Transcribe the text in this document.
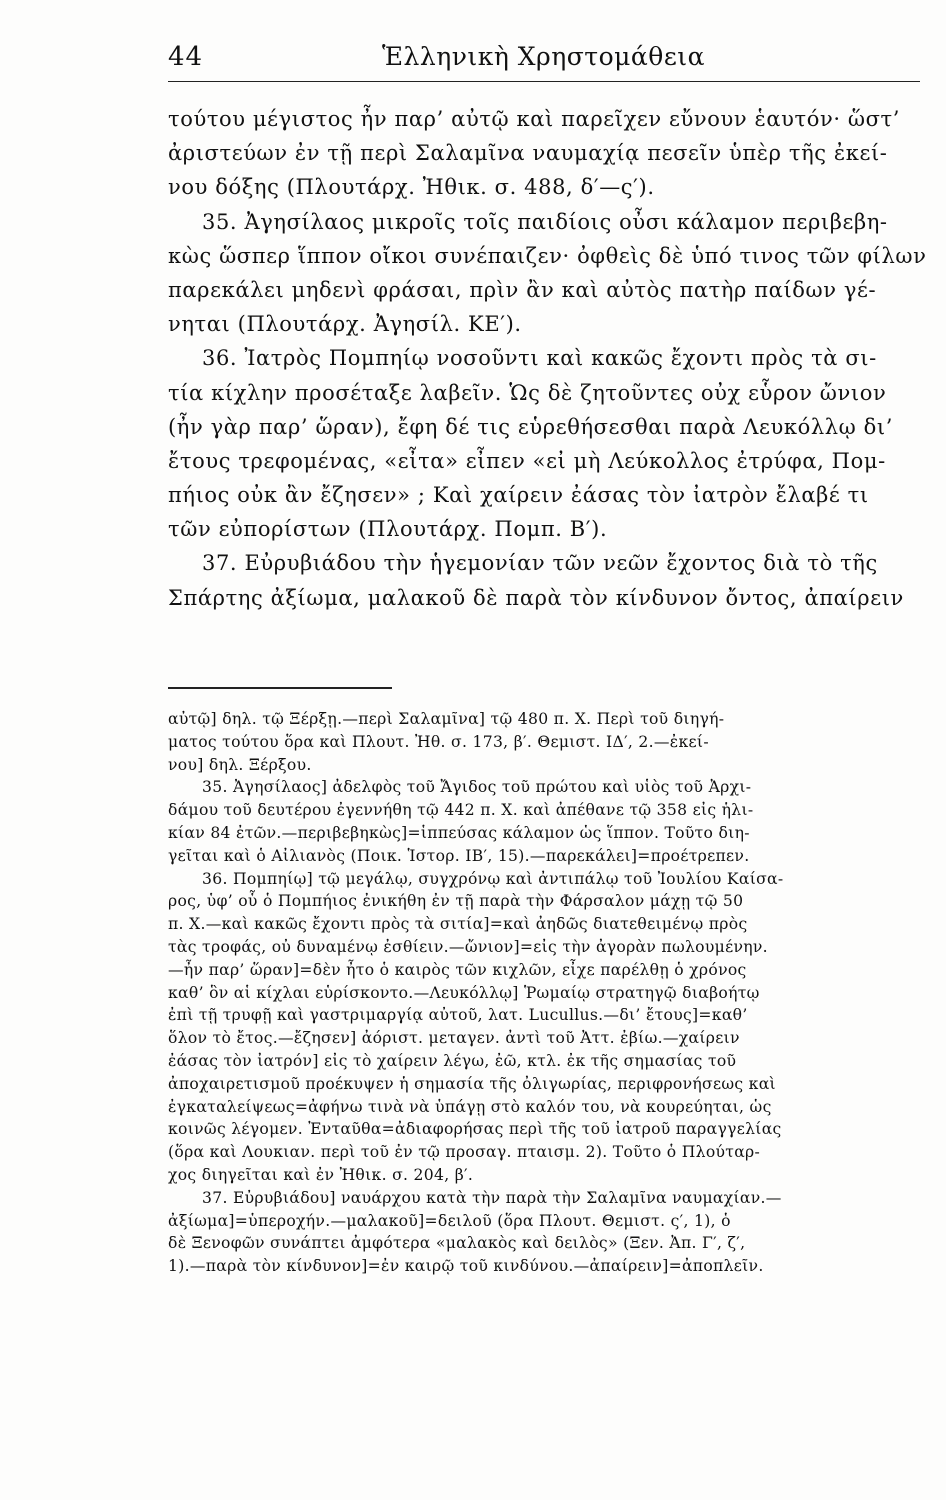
44	Ἑλληνικὴ Χρηστομάθεια
τούτου μέγιστος ἦν παρ’ αὐτῷ καὶ παρεῖχεν εὔνουν ἑαυτόν· ὥστ’
ἀριστεύων ἐν τῇ περὶ Σαλαμῖνα ναυμαχίᾳ πεσεῖν ὑπὲρ τῆς ἐκεί-
νου δόξης (Πλουτάρχ. Ἠθικ. σ. 488, δ′—ς′).
35. Ἀγησίλαος μικροῖς τοῖς παιδίοις οὖσι κάλαμον περιβεβη-
κὼς ὥσπερ ἵππον οἴκοι συνέπαιζεν· ὀφθεὶς δὲ ὑπό τινος τῶν φίλων
παρεκάλει μηδενὶ φράσαι, πρὶν ἂν καὶ αὐτὸς πατὴρ παίδων γέ-
νηται (Πλουτάρχ. Ἀγησίλ. ΚΕ′).
36. Ἰατρὸς Πομπηίῳ νοσοῦντι καὶ κακῶς ἔχοντι πρὸς τὰ σι-
τία κίχλην προσέταξε λαβεῖν. Ὡς δὲ ζητοῦντες οὐχ εὗρον ὤνιον
(ἦν γὰρ παρ’ ὥραν), ἔφη δέ τις εὑρεθήσεσθαι παρὰ Λευκόλλῳ δι’
ἔτους τρεφομένας, «εἶτα» εἶπεν «εἰ μὴ Λεύκολλος ἐτρύφα, Πομ-
πήιος οὐκ ἂν ἔζησεν» ; Καὶ χαίρειν ἐάσας τὸν ἰατρὸν ἔλαβέ τι
τῶν εὐπορίστων (Πλουτάρχ. Πομπ. Β′).
37. Εὐρυβιάδου τὴν ἡγεμονίαν τῶν νεῶν ἔχοντος διὰ τὸ τῆς
Σπάρτης ἀξίωμα, μαλακοῦ δὲ παρὰ τὸν κίνδυνον ὄντος, ἀπαίρειν
αὐτῷ] δηλ. τῷ Ξέρξῃ.—περὶ Σαλαμῖνα] τῷ 480 π. Χ. Περὶ τοῦ διηγή-
ματος τούτου ὅρα καὶ Πλουτ. Ἠθ. σ. 173, β′. Θεμιστ. ΙΔ′, 2.—ἐκεί-
νου] δηλ. Ξέρξου.
35. Ἀγησίλαος] ἀδελφὸς τοῦ Ἄγιδος τοῦ πρώτου καὶ υἱὸς τοῦ Ἀρχι-
δάμου τοῦ δευτέρου ἐγεννήθη τῷ 442 π. Χ. καὶ ἀπέθανε τῷ 358 εἰς ἡλι-
κίαν 84 ἐτῶν.—περιβεβηκὼς]=ἱππεύσας κάλαμον ὡς ἵππον. Τοῦτο διη-
γεῖται καὶ ὁ Αἰλιανὸς (Ποικ. Ἱστορ. ΙΒ′, 15).—παρεκάλει]=προέτρεπεν.
36. Πομπηίῳ] τῷ μεγάλῳ, συγχρόνῳ καὶ ἀντιπάλῳ τοῦ Ἰουλίου Καίσα-
ρος, ὑφ’ οὗ ὁ Πομπήιος ἐνικήθη ἐν τῇ παρὰ τὴν Φάρσαλον μάχῃ τῷ 50
π. Χ.—καὶ κακῶς ἔχοντι πρὸς τὰ σιτία]=καὶ ἀηδῶς διατεθειμένῳ πρὸς
τὰς τροφάς, οὐ δυναμένῳ ἐσθίειν.—ὤνιον]=εἰς τὴν ἀγορὰν πωλουμένην.
—ἦν παρ’ ὥραν]=δὲν ἦτο ὁ καιρὸς τῶν κιχλῶν, εἶχε παρέλθῃ ὁ χρόνος
καθ’ ὃν αἱ κίχλαι εὑρίσκοντο.—Λευκόλλῳ] Ῥωμαίῳ στρατηγῷ διαβοήτῳ
ἐπὶ τῇ τρυφῇ καὶ γαστριμαργίᾳ αὐτοῦ, λατ. Lucullus.—δι’ ἔτους]=καθ’
ὅλον τὸ ἔτος.—ἔζησεν] ἀόριστ. μεταγεν. ἀντὶ τοῦ Ἀττ. ἐβίω.—χαίρειν
ἐάσας τὸν ἰατρόν] εἰς τὸ χαίρειν λέγω, ἐῶ, κτλ. ἐκ τῆς σημασίας τοῦ
ἀποχαιρετισμοῦ προέκυψεν ἡ σημασία τῆς ὀλιγωρίας, περιφρονήσεως καὶ
ἐγκαταλείψεως=ἀφήνω τινὰ νὰ ὑπάγῃ στὸ καλόν του, νὰ κουρεύηται, ὡς
κοινῶς λέγομεν. Ἐνταῦθα=ἀδιαφορήσας περὶ τῆς τοῦ ἰατροῦ παραγγελίας
(ὅρα καὶ Λουκιαν. περὶ τοῦ ἐν τῷ προσαγ. πταισμ. 2). Τοῦτο ὁ Πλούταρ-
χος διηγεῖται καὶ ἐν Ἠθικ. σ. 204, β′.
37. Εὐρυβιάδου] ναυάρχου κατὰ τὴν παρὰ τὴν Σαλαμῖνα ναυμαχίαν.—
ἀξίωμα]=ὑπεροχήν.—μαλακοῦ]=δειλοῦ (ὅρα Πλουτ. Θεμιστ. ς′, 1), ὁ
δὲ Ξενοφῶν συνάπτει ἀμφότερα «μαλακὸς καὶ δειλὸς» (Ξεν. Ἀπ. Γ′, ζ′,
1).—παρὰ τὸν κίνδυνον]=ἐν καιρῷ τοῦ κινδύνου.—ἀπαίρειν]=ἀποπλεῖν.
